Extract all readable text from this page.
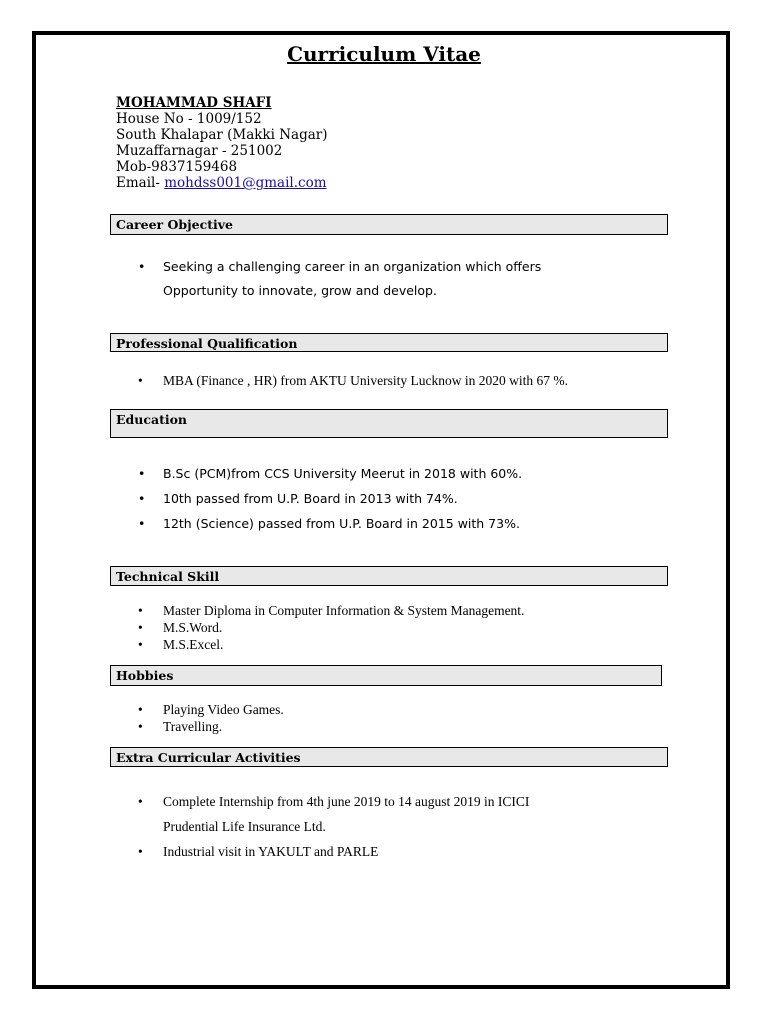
Curriculum Vitae
MOHAMMAD SHAFI
House No - 1009/152
South Khalapar (Makki Nagar)
Muzaffarnagar - 251002
Mob-9837159468
Email- mohdss001@gmail.com
Career Objective
• Seeking a challenging career in an organization which offers
Opportunity to innovate, grow and develop.
Professional Qualification
• MBA (Finance , HR) from AKTU University Lucknow in 2020 with 67 %.
Education
• B.Sc (PCM)from CCS University Meerut in 2018 with 60%.
• 10th passed from U.P. Board in 2013 with 74%.
• 12th (Science) passed from U.P. Board in 2015 with 73%.
Technical Skill
• Master Diploma in Computer Information & System Management.
• M.S.Word.
• M.S.Excel.
Hobbies
• Playing Video Games.
• Travelling.
Extra Curricular Activities
• Complete Internship from 4th june 2019 to 14 august 2019 in ICICI
Prudential Life Insurance Ltd.
• Industrial visit in YAKULT and PARLE
